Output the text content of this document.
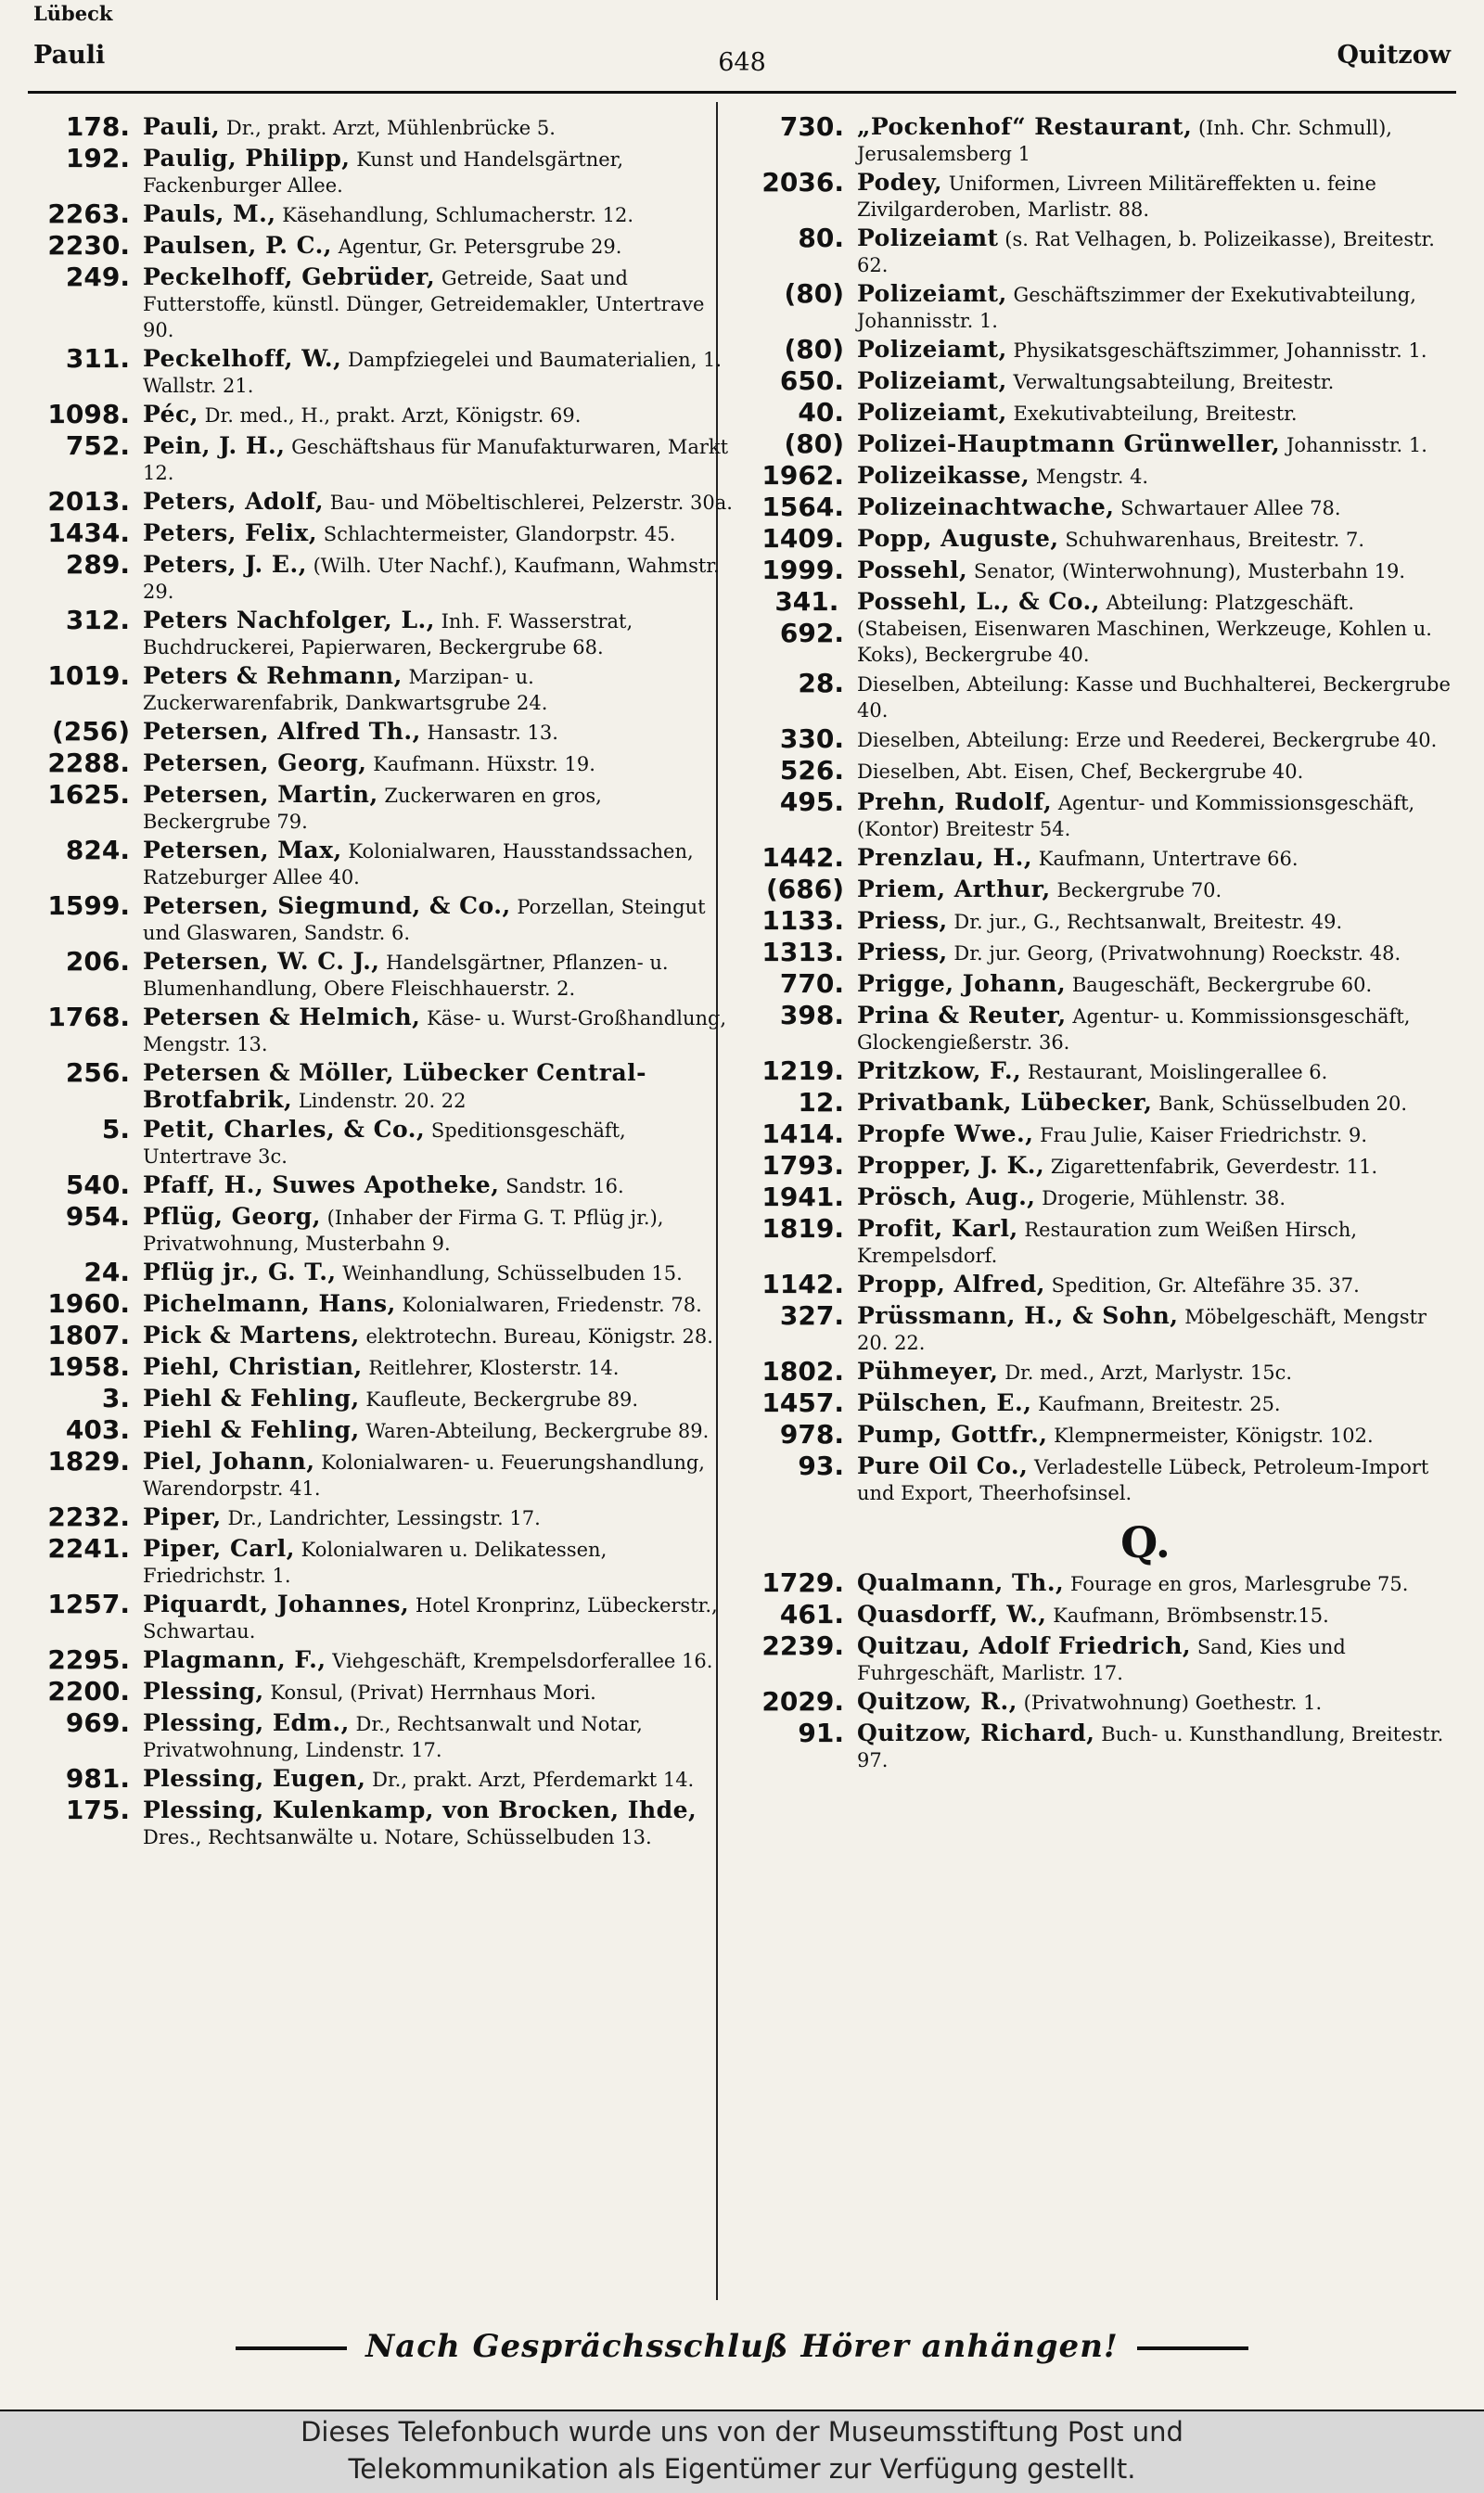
Lübeck
Pauli	648	Quitzow
178. Pauli, Dr., prakt. Arzt, Mühlenbrücke 5.
192. Paulig, Philipp, Kunst und Handelsgärtner, Fackenburger Allee.
2263. Pauls, M., Käsehandlung, Schlumacherstr. 12.
2230. Paulsen, P. C., Agentur, Gr. Petersgrube 29.
249. Peckelhoff, Gebrüder, Getreide, Saat und Futterstoffe, künstl. Dünger, Getreidemakler, Untertrave 90.
311. Peckelhoff, W., Dampfziegelei und Baumaterialien, 1. Wallstr. 21.
1098. Péc, Dr. med., H., prakt. Arzt, Königstr. 69.
752. Pein, J. H., Geschäftshaus für Manufakturwaren, Markt 12.
2013. Peters, Adolf, Bau- und Möbeltischlerei, Pelzerstr. 30a.
1434. Peters, Felix, Schlachtermeister, Glandorpstr. 45.
289. Peters, J. E., (Wilh. Uter Nachf.), Kaufmann, Wahmstr. 29.
312. Peters Nachfolger, L., Inh. F. Wasserstrat, Buchdruckerei, Papierwaren, Beckergrube 68.
1019. Peters & Rehmann, Marzipan- u. Zuckerwarenfabrik, Dankwartsgrube 24.
(256) Petersen, Alfred Th., Hansastr. 13.
2288. Petersen, Georg, Kaufmann. Hüxstr. 19.
1625. Petersen, Martin, Zuckerwaren en gros, Beckergrube 79.
824. Petersen, Max, Kolonialwaren, Hausstandssachen, Ratzeburger Allee 40.
1599. Petersen, Siegmund, & Co., Porzellan, Steingut und Glaswaren, Sandstr. 6.
206. Petersen, W. C. J., Handelsgärtner, Pflanzen- u. Blumenhandlung, Obere Fleischhauerstr. 2.
1768. Petersen & Helmich, Käse- u. Wurst-Großhandlung, Mengstr. 13.
256. Petersen & Möller, Lübecker Central-Brotfabrik, Lindenstr. 20. 22
5. Petit, Charles, & Co., Speditionsgeschäft, Untertrave 3c.
540. Pfaff, H., Suwes Apotheke, Sandstr. 16.
954. Pflüg, Georg, (Inhaber der Firma G. T. Pflüg jr.), Privatwohnung, Musterbahn 9.
24. Pflüg jr., G. T., Weinhandlung, Schüsselbuden 15.
1960. Pichelmann, Hans, Kolonialwaren, Friedenstr. 78.
1807. Pick & Martens, elektrotechn. Bureau, Königstr. 28.
1958. Piehl, Christian, Reitlehrer, Klosterstr. 14.
3. Piehl & Fehling, Kaufleute, Beckergrube 89.
403. Piehl & Fehling, Waren-Abteilung, Beckergrube 89.
1829. Piel, Johann, Kolonialwaren- u. Feuerungshandlung, Warendorpstr. 41.
2232. Piper, Dr., Landrichter, Lessingstr. 17.
2241. Piper, Carl, Kolonialwaren u. Delikatessen, Friedrichstr. 1.
1257. Piquardt, Johannes, Hotel Kronprinz, Lübeckerstr., Schwartau.
2295. Plagmann, F., Viehgeschäft, Krempelsdorferallee 16.
2200. Plessing, Konsul, (Privat) Herrnhaus Mori.
969. Plessing, Edm., Dr., Rechtsanwalt und Notar, Privatwohnung, Lindenstr. 17.
981. Plessing, Eugen, Dr., prakt. Arzt, Pferdemarkt 14.
175. Plessing, Kulenkamp, von Brocken, Ihde, Dres., Rechtsanwälte u. Notare, Schüsselbuden 13.
730. „Pockenhof“ Restaurant, (Inh. Chr. Schmull), Jerusalemsberg 1
2036. Podey, Uniformen, Livreen Militäreffekten u. feine Zivilgarderoben, Marlistr. 88.
80. Polizeiamt (s. Rat Velhagen, b. Polizeikasse), Breitestr. 62.
(80) Polizeiamt, Geschäftszimmer der Exekutivabteilung, Johannisstr. 1.
(80) Polizeiamt, Physikatsgeschäftszimmer, Johannisstr. 1.
650. Polizeiamt, Verwaltungsabteilung, Breitestr.
40. Polizeiamt, Exekutivabteilung, Breitestr.
(80) Polizei-Hauptmann Grünweller, Johannisstr. 1.
1962. Polizeikasse, Mengstr. 4.
1564. Polizeinachtwache, Schwartauer Allee 78.
1409. Popp, Auguste, Schuhwarenhaus, Breitestr. 7.
1999. Possehl, Senator, (Winterwohnung), Musterbahn 19.
341. 692.
Possehl, L., & Co., Abteilung: Platzgeschäft. (Stabeisen, Eisenwaren Maschinen, Werkzeuge, Kohlen u. Koks), Beckergrube 40.
28. Dieselben, Abteilung: Kasse und Buchhalterei, Beckergrube 40.
330. Dieselben, Abteilung: Erze und Reederei, Beckergrube 40.
526. Dieselben, Abt. Eisen, Chef, Beckergrube 40.
495. Prehn, Rudolf, Agentur- und Kommissionsgeschäft, (Kontor) Breitestr 54.
1442. Prenzlau, H., Kaufmann, Untertrave 66.
(686) Priem, Arthur, Beckergrube 70.
1133. Priess, Dr. jur., G., Rechtsanwalt, Breitestr. 49.
1313. Priess, Dr. jur. Georg, (Privatwohnung) Roeckstr. 48.
770. Prigge, Johann, Baugeschäft, Beckergrube 60.
398. Prina & Reuter, Agentur- u. Kommissionsgeschäft, Glockengießerstr. 36.
1219. Pritzkow, F., Restaurant, Moislingerallee 6.
12. Privatbank, Lübecker, Bank, Schüsselbuden 20.
1414. Propfe Wwe., Frau Julie, Kaiser Friedrichstr. 9.
1793. Propper, J. K., Zigarettenfabrik, Geverdestr. 11.
1941. Prösch, Aug., Drogerie, Mühlenstr. 38.
1819. Profit, Karl, Restauration zum Weißen Hirsch, Krempelsdorf.
1142. Propp, Alfred, Spedition, Gr. Altefähre 35. 37.
327. Prüssmann, H., & Sohn, Möbelgeschäft, Mengstr 20. 22.
1802. Pühmeyer, Dr. med., Arzt, Marlystr. 15c.
1457. Pülschen, E., Kaufmann, Breitestr. 25.
978. Pump, Gottfr., Klempnermeister, Königstr. 102.
93. Pure Oil Co., Verladestelle Lübeck, Petroleum-Import und Export, Theerhofsinsel.
Q.
1729. Qualmann, Th., Fourage en gros, Marlesgrube 75.
461. Quasdorff, W., Kaufmann, Brömbsenstr.15.
2239. Quitzau, Adolf Friedrich, Sand, Kies und Fuhrgeschäft, Marlistr. 17.
2029. Quitzow, R., (Privatwohnung) Goethestr. 1.
91. Quitzow, Richard, Buch- u. Kunsthandlung, Breitestr. 97.
Nach Gesprächsschluß Hörer anhängen!
Dieses Telefonbuch wurde uns von der Museumsstiftung Post und
Telekommunikation als Eigentümer zur Verfügung gestellt.
